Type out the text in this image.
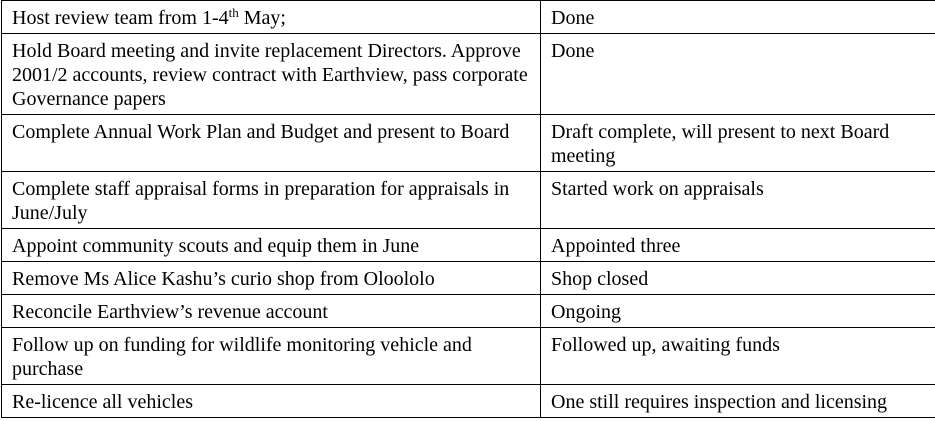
Host review team from 1-4th May;	Done
Hold Board meeting and invite replacement Directors. Approve 2001/2 accounts, review contract with Earthview, pass corporate Governance papers	Done
Complete Annual Work Plan and Budget and present to Board	Draft complete, will present to next Board meeting
Complete staff appraisal forms in preparation for appraisals in June/July	Started work on appraisals
Appoint community scouts and equip them in June	Appointed three
Remove Ms Alice Kashu’s curio shop from Oloololo	Shop closed
Reconcile Earthview’s revenue account	Ongoing
Follow up on funding for wildlife monitoring vehicle and purchase	Followed up, awaiting funds
Re-licence all vehicles	One still requires inspection and licensing
